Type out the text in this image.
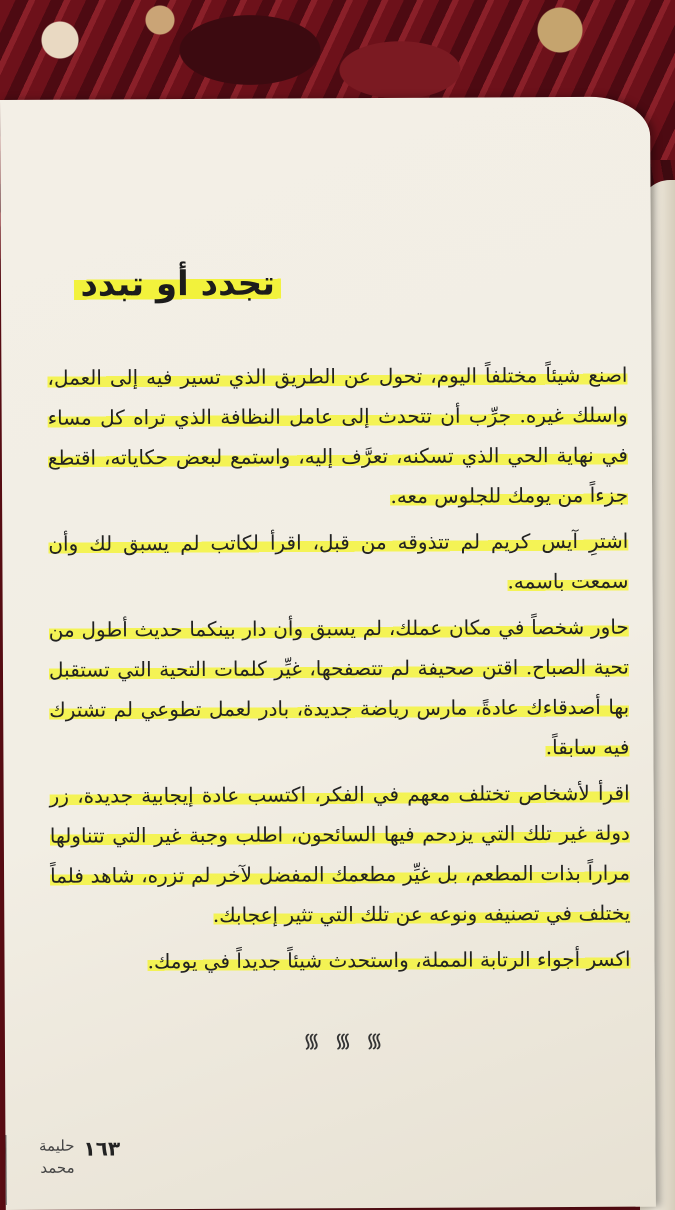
تجدد أو تبدد

اصنع شيئاً مختلفاً اليوم، تحول عن الطريق الذي تسير فيه إلى العمل، واسلك غيره. جرِّب أن تتحدث إلى عامل النظافة الذي تراه كل مساء في نهاية الحي الذي تسكنه، تعرَّف إليه، واستمع لبعض حكاياته، اقتطع جزءاً من يومك للجلوس معه.

اشترِ آيس كريم لم تتذوقه من قبل، اقرأ لكاتب لم يسبق لك وأن سمعت باسمه.

حاور شخصاً في مكان عملك، لم يسبق وأن دار بينكما حديث أطول من تحية الصباح. اقتن صحيفة لم تتصفحها، غيِّر كلمات التحية التي تستقبل بها أصدقاءك عادةً، مارس رياضة جديدة، بادر لعمل تطوعي لم تشترك فيه سابقاً.

اقرأ لأشخاص تختلف معهم في الفكر، اكتسب عادة إيجابية جديدة، زر دولة غير تلك التي يزدحم فيها السائحون، اطلب وجبة غير التي تتناولها مراراً بذات المطعم، بل غيِّر مطعمك المفضل لآخر لم تزره، شاهد فلماً يختلف في تصنيفه ونوعه عن تلك التي تثير إعجابك.

اكسر أجواء الرتابة المملة، واستحدث شيئاً جديداً في يومك.

᯾ ᯾ ᯾
١٦٣
حليمة محمد
